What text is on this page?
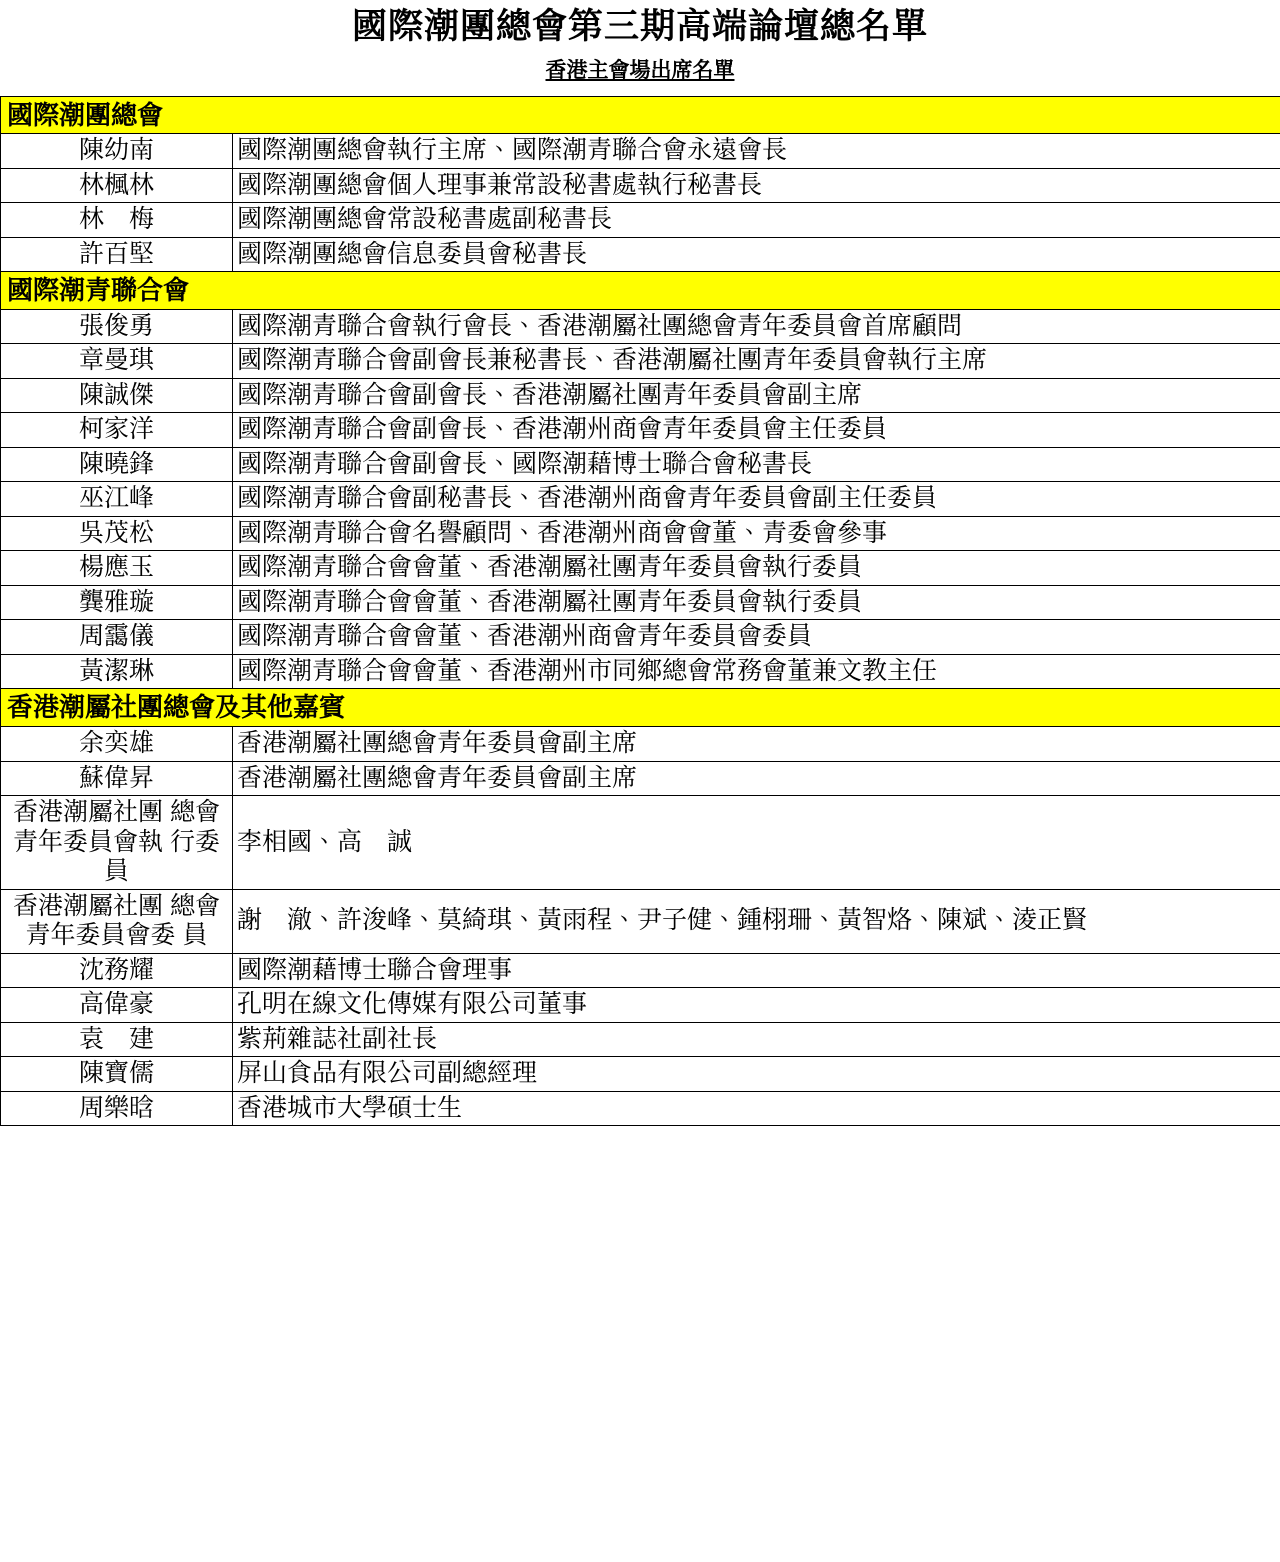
國際潮團總會第三期高端論壇總名單
香港主會場出席名單
國際潮團總會	
陳幼南	國際潮團總會執行主席、國際潮青聯合會永遠會長
林楓林	國際潮團總會個人理事兼常設秘書處執行秘書長
林　梅	國際潮團總會常設秘書處副秘書長
許百堅	國際潮團總會信息委員會秘書長
國際潮青聯合會	
張俊勇	國際潮青聯合會執行會長、香港潮屬社團總會青年委員會首席顧問
章曼琪	國際潮青聯合會副會長兼秘書長、香港潮屬社團青年委員會執行主席
陳誠傑	國際潮青聯合會副會長、香港潮屬社團青年委員會副主席
柯家洋	國際潮青聯合會副會長、香港潮州商會青年委員會主任委員
陳曉鋒	國際潮青聯合會副會長、國際潮藉博士聯合會秘書長
巫江峰	國際潮青聯合會副秘書長、香港潮州商會青年委員會副主任委員
吳茂松	國際潮青聯合會名譽顧問、香港潮州商會會董、青委會參事
楊應玉	國際潮青聯合會會董、香港潮屬社團青年委員會執行委員
龔雅璇	國際潮青聯合會會董、香港潮屬社團青年委員會執行委員
周靄儀	國際潮青聯合會會董、香港潮州商會青年委員會委員
黃潔琳	國際潮青聯合會會董、香港潮州市同鄉總會常務會董兼文教主任
香港潮屬社團總會及其他嘉賓	
余奕雄	香港潮屬社團總會青年委員會副主席
蘇偉昇	香港潮屬社團總會青年委員會副主席
香港潮屬社團 總會 青年委員會執 行委員	李相國、高　誠
香港潮屬社團 總會 青年委員會委 員	謝　澈、許浚峰、莫綺琪、黃雨程、尹子健、鍾栩珊、黃智烙、陳斌、淩正賢
沈務耀	國際潮藉博士聯合會理事
高偉豪	孔明在線文化傳媒有限公司董事
袁　建	紫荊雜誌社副社長
陳寶儒	屏山食品有限公司副總經理
周樂晗	香港城市大學碩士生
